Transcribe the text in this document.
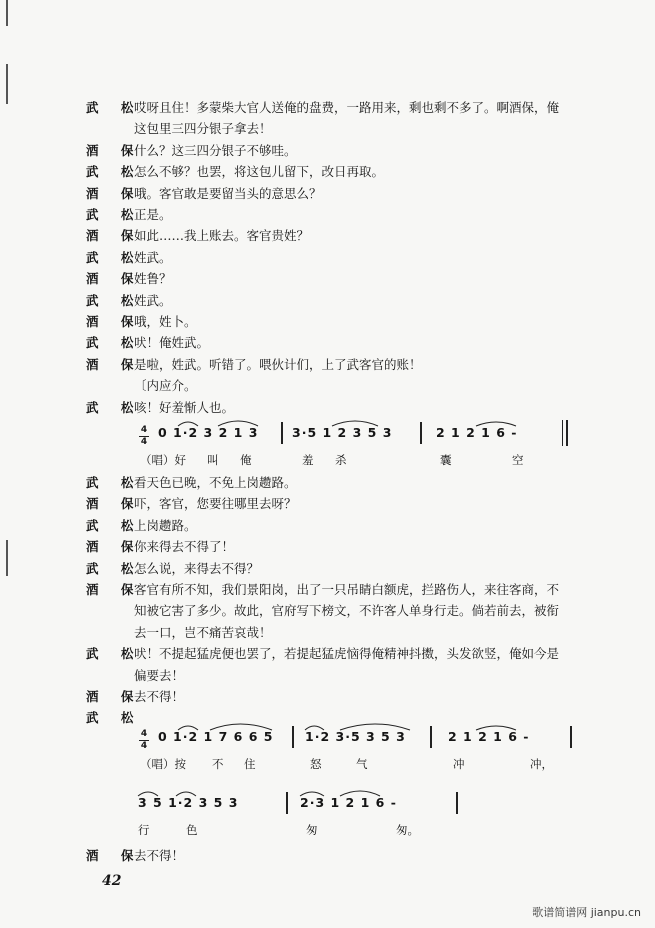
武 松
哎呀且住！多蒙柴大官人送俺的盘费，一路用来，剩也剩不多了。啊酒保，俺
这包里三四分银子拿去！
酒 保
什么？这三四分银子不够哇。
武 松
怎么不够？也罢，将这包儿留下，改日再取。
酒 保
哦。客官敢是要留当头的意思么？
武 松
正是。
酒 保
如此……我上账去。客官贵姓？
武 松
姓武。
酒 保
姓鲁？
武 松
姓武。
酒 保
哦，姓卜。
武 松
吠！俺姓武。
酒 保
是啦，姓武。听错了。喂伙计们，上了武客官的账！
〔内应介。
武 松
咳！好羞惭人也。
4
4
0 1·2 3 2 1 3	3·5 1 2 3 5 3	2 1 2 1 6 -
（唱）好 叫 俺	羞 杀	囊	空
武 松
看天色已晚，不免上岗趱路。
酒 保
吓，客官，您要往哪里去呀？
武 松
上岗趱路。
酒 保
你来得去不得了！
武 松
怎么说，来得去不得？
酒 保
客官有所不知，我们景阳岗，出了一只吊睛白额虎，拦路伤人，来往客商，不
知被它害了多少。故此，官府写下榜文，不许客人单身行走。倘若前去，被衔
去一口，岂不痛苦哀哉！
武 松
吠！不提起猛虎便也罢了，若提起猛虎恼得俺精神抖擞，头发欲竖，俺如今是
偏要去！
酒 保
去不得！
武 松
4
4
0 1·2 1 7 6 6 5	1·2 3·5 3 5 3	2 1 2 1 6 -
（唱）按 不 住	怒	气	冲	冲，
3 5 1·2 3 5 3	2·3 1 2 1 6 -
行	色	匆	匆。
酒 保
去不得！
42
歌谱简谱网 jianpu.cn
